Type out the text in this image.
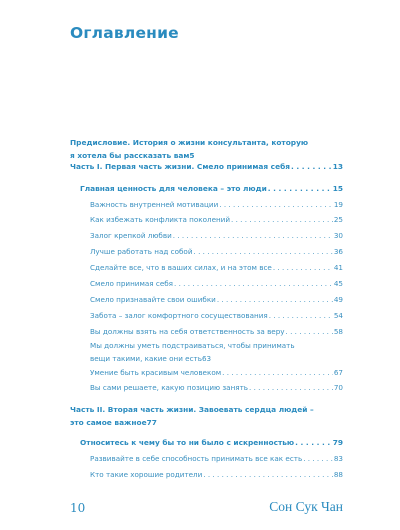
Оглавление
Предисловие. История о жизни консультанта, которую
я хотела бы рассказать вам 5
Часть I. Первая часть жизни. Смело принимая себя . . .	13
Главная ценность для человека – это люди . . .	15
Важность внутренней мотивации . . .	19
Как избежать конфликта поколений . . .	25
Залог крепкой любви . . .	30
Лучше работать над собой . . .	36
Сделайте все, что в ваших силах, и на этом все . . .	41
Смело принимая себя . . .	45
Смело признавайте свои ошибки . . .	49
Забота – залог комфортного сосуществования . . .	54
Вы должны взять на себя ответственность за веру . . .	58
Мы должны уметь подстраиваться, чтобы принимать
вещи такими, какие они есть 63
Умение быть красивым человеком . . .	67
Вы сами решаете, какую позицию занять . . .	70
Часть II. Вторая часть жизни. Завоевать сердца людей –
это самое важное 77
Относитесь к чему бы то ни было с искренностью . . .	79
Развивайте в себе способность принимать все как есть . . .	83
Кто такие хорошие родители . . .	88
10	Сон Сук Чан
